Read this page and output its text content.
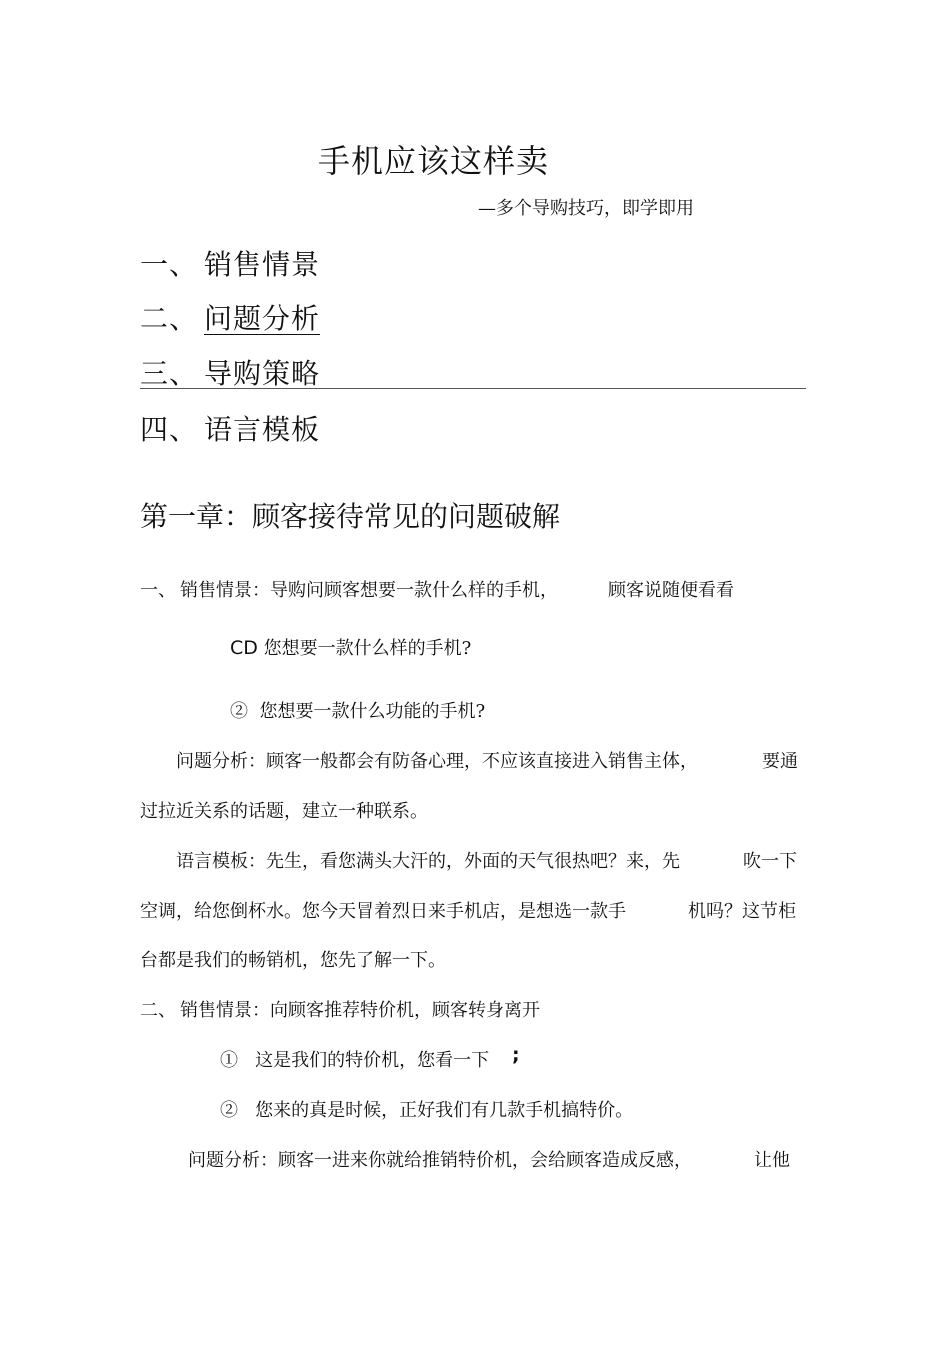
手机应该这样卖
—多个导购技巧，即学即用
一、 销售情景
二、 问题分析
三、 导购策略
四、 语言模板
第一章：顾客接待常见的问题破解
一、 销售情景：导购问顾客想要一款什么样的手机，	顾客说随便看看
CD 您想要一款什么样的手机?
② 您想要一款什么功能的手机?
问题分析：顾客一般都会有防备心理，不应该直接进入销售主体，	要通
过拉近关系的话题，建立一种联系。
语言模板：先生，看您满头大汗的，外面的天气很热吧？来，先	吹一下
空调，给您倒杯水。您今天冒着烈日来手机店，是想选一款手	机吗？这节柜
台都是我们的畅销机，您先了解一下。
二、 销售情景：向顾客推荐特价机，顾客转身离开
① 这是我们的特价机，您看一下 ;
② 您来的真是时候，正好我们有几款手机搞特价。
问题分析：顾客一进来你就给推销特价机，会给顾客造成反感，	让他
